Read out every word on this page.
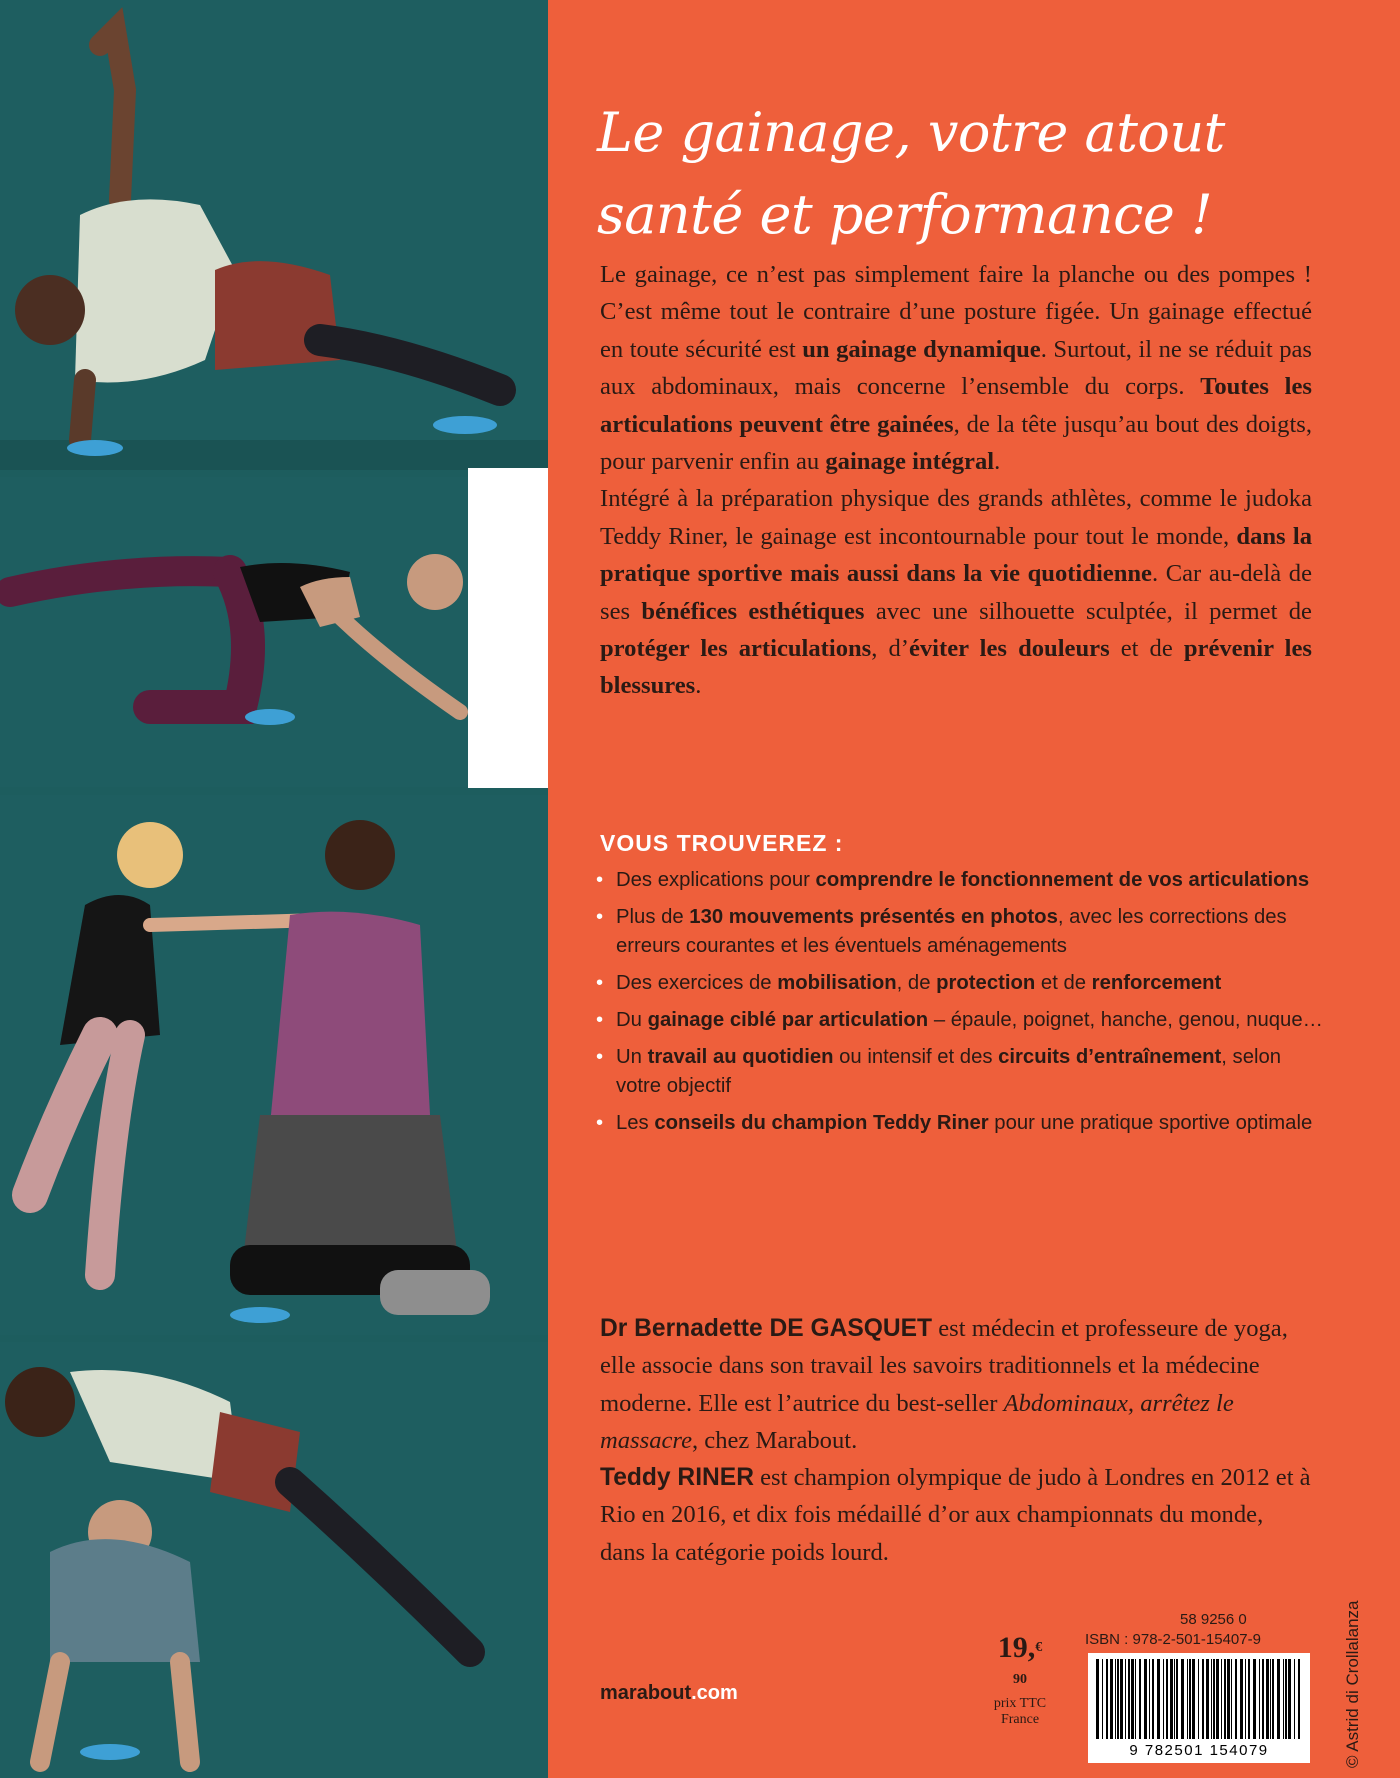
Le gainage, votre atout
santé et performance !

Le gainage, ce n’est pas simplement faire la planche ou des pompes ! C’est même tout le contraire d’une posture figée. Un gainage effectué en toute sécurité est un gainage dynamique. Surtout, il ne se réduit pas aux abdominaux, mais concerne l’ensemble du corps. Toutes les articulations peuvent être gainées, de la tête jusqu’au bout des doigts, pour parvenir enfin au gainage intégral.

Intégré à la préparation physique des grands athlètes, comme le judoka Teddy Riner, le gainage est incontournable pour tout le monde, dans la pratique sportive mais aussi dans la vie quotidienne. Car au-delà de ses bénéfices esthétiques avec une silhouette sculptée, il permet de protéger les articulations, d’éviter les douleurs et de prévenir les blessures.

VOUS TROUVEREZ :
• Des explications pour comprendre le fonctionnement de vos articulations
• Plus de 130 mouvements présentés en photos, avec les corrections des erreurs courantes et les éventuels aménagements
• Des exercices de mobilisation, de protection et de renforcement
• Du gainage ciblé par articulation – épaule, poignet, hanche, genou, nuque…
• Un travail au quotidien ou intensif et des circuits d’entraînement, selon votre objectif
• Les conseils du champion Teddy Riner pour une pratique sportive optimale

Dr Bernadette DE GASQUET est médecin et professeure de yoga, elle associe dans son travail les savoirs traditionnels et la médecine moderne. Elle est l’autrice du best-seller Abdominaux, arrêtez le massacre, chez Marabout.

Teddy RINER est champion olympique de judo à Londres en 2012 et à Rio en 2016, et dix fois médaillé d’or aux championnats du monde, dans la catégorie poids lourd.

marabout.com
19,$^{€ 90}$
prix TTC
France
58 9256 0
ISBN : 978-2-501-15407-9
9 782501 154079	© Astrid di Crollalanza
